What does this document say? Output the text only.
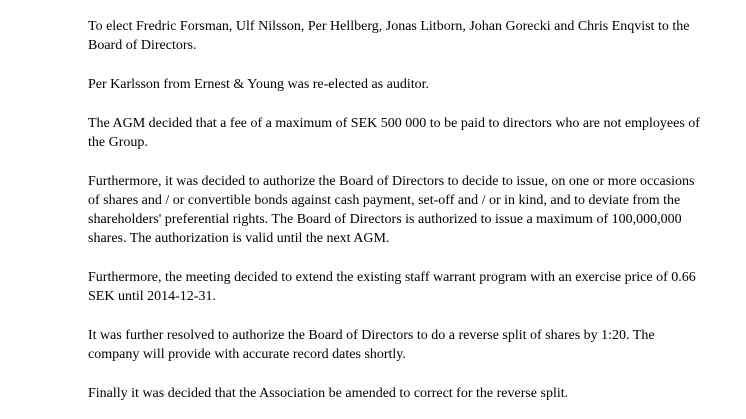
To elect Fredric Forsman, Ulf Nilsson, Per Hellberg, Jonas Litborn, Johan Gorecki and Chris Enqvist to the Board of Directors.

Per Karlsson from Ernest & Young was re-elected as auditor.

The AGM decided that a fee of a maximum of SEK 500 000 to be paid to directors who are not employees of the Group.

Furthermore, it was decided to authorize the Board of Directors to decide to issue, on one or more occasions of shares and / or convertible bonds against cash payment, set-off and / or in kind, and to deviate from the shareholders' preferential rights. The Board of Directors is authorized to issue a maximum of 100,000,000 shares. The authorization is valid until the next AGM.

Furthermore, the meeting decided to extend the existing staff warrant program with an exercise price of 0.66 SEK until 2014-12-31.

It was further resolved to authorize the Board of Directors to do a reverse split of shares by 1:20. The company will provide with accurate record dates shortly.

Finally it was decided that the Association be amended to correct for the reverse split.
